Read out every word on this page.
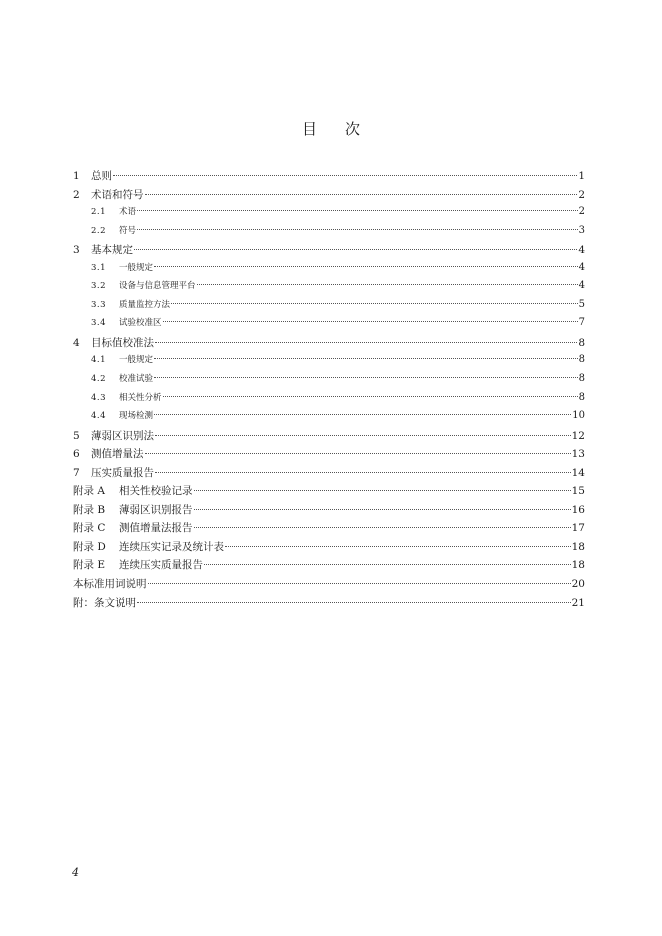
目次
1	总则	1
2	术语和符号	2
2.1	术语	2
2.2	符号	3
3	基本规定	4
3.1	一般规定	4
3.2	设备与信息管理平台	4
3.3	质量监控方法	5
3.4	试验校准区	7
4	目标值校准法	8
4.1	一般规定	8
4.2	校准试验	8
4.3	相关性分析	8
4.4	现场检测	10
5	薄弱区识别法	12
6	测值增量法	13
7	压实质量报告	14
附录 A	相关性校验记录	15
附录 B	薄弱区识别报告	16
附录 C	测值增量法报告	17
附录 D	连续压实记录及统计表	18
附录 E	连续压实质量报告	18
本标准用词说明	20
附：条文说明	21
4
